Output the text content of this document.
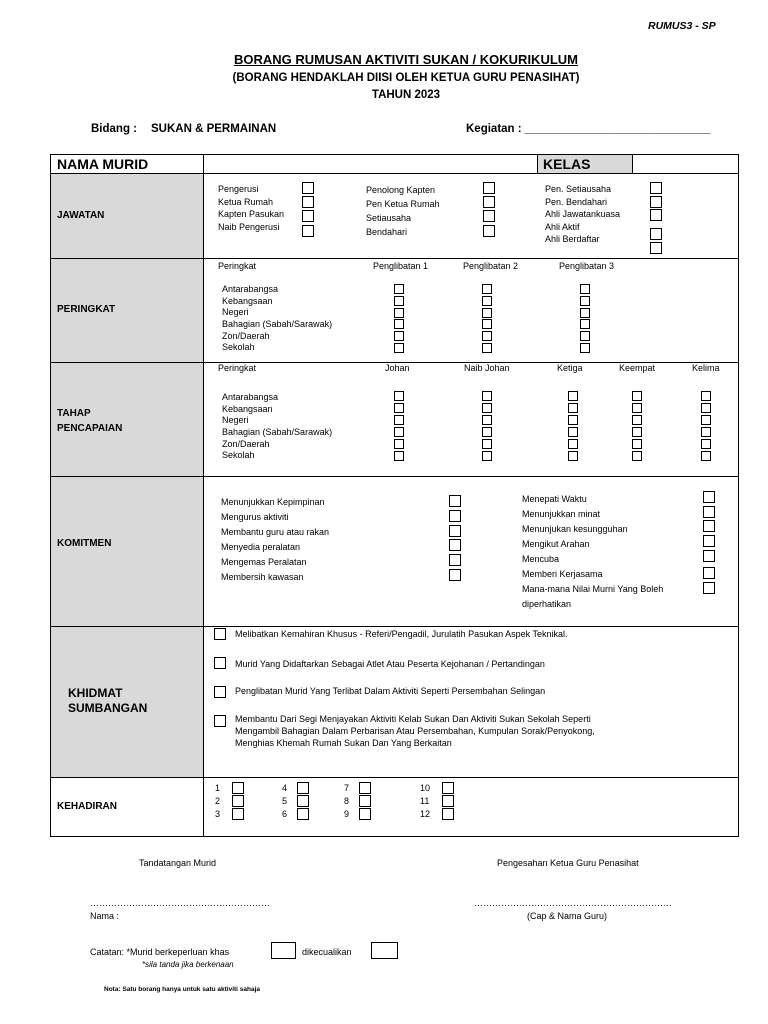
RUMUS3 - SP
BORANG RUMUSAN AKTIVITI SUKAN / KOKURIKULUM
(BORANG HENDAKLAH DIISI OLEH KETUA GURU PENASIHAT)
TAHUN 2023
Bidang : SUKAN & PERMAINAN	Kegiatan : _____________________________
NAMA MURID	KELAS
JAWATAN
Pengerusi
Ketua Rumah
Kapten Pasukan
Naib Pengerusi
Penolong Kapten
Pen Ketua Rumah
Setiausaha
Bendahari
Pen. Setiausaha
Pen. Bendahari
Ahli Jawatankuasa
Ahli Aktif
Ahli Berdaftar
PERINGKAT
Peringkat	Penglibatan 1	Penglibatan 2	Penglibatan 3
Antarabangsa
Kebangsaan
Negeri
Bahagian (Sabah/Sarawak)
Zon/Daerah
Sekolah
TAHAP
PENCAPAIAN
Peringkat	Johan	Naib Johan	Ketiga	Keempat	Kelima
Antarabangsa
Kebangsaan
Negeri
Bahagian (Sabah/Sarawak)
Zon/Daerah
Sekolah
KOMITMEN
Menunjukkan Kepimpinan
Mengurus aktiviti
Membantu guru atau rakan
Menyedia peralatan
Mengemas Peralatan
Membersih kawasan
Menepati Waktu
Menunjukkan minat
Menunjukan kesungguhan
Mengikut Arahan
Mencuba
Memberi Kerjasama
Mana-mana Nilai Murni Yang Boleh
diperhatikan
KHIDMAT
SUMBANGAN
Melibatkan Kemahiran Khusus - Referi/Pengadil, Jurulatih Pasukan Aspek Teknikal.
Murid Yang Didaftarkan Sebagai Atlet Atau Peserta Kejohanan / Pertandingan
Penglibatan Murid Yang Terlibat Dalam Aktiviti Seperti Persembahan Selingan
Membantu Dari Segi Menjayakan Aktiviti Kelab Sukan Dan Aktiviti Sukan Sekolah Seperti
Mengambil Bahagian Dalam Perbarisan Atau Persembahan, Kumpulan Sorak/Penyokong,
Menghias Khemah Rumah Sukan Dan Yang Berkaitan
KEHADIRAN
1
2
3
4
5
6
7
8
9
10
11
12
Tandatangan Murid	Pengesahan Ketua Guru Penasihat
……………………………………………………	…………………………………………………………
Nama :	(Cap & Nama Guru)
Catatan: *Murid berkeperluan khas	dikecualikan
*sila tanda jika berkenaan
Nota: Satu borang hanya untuk satu aktiviti sahaja
